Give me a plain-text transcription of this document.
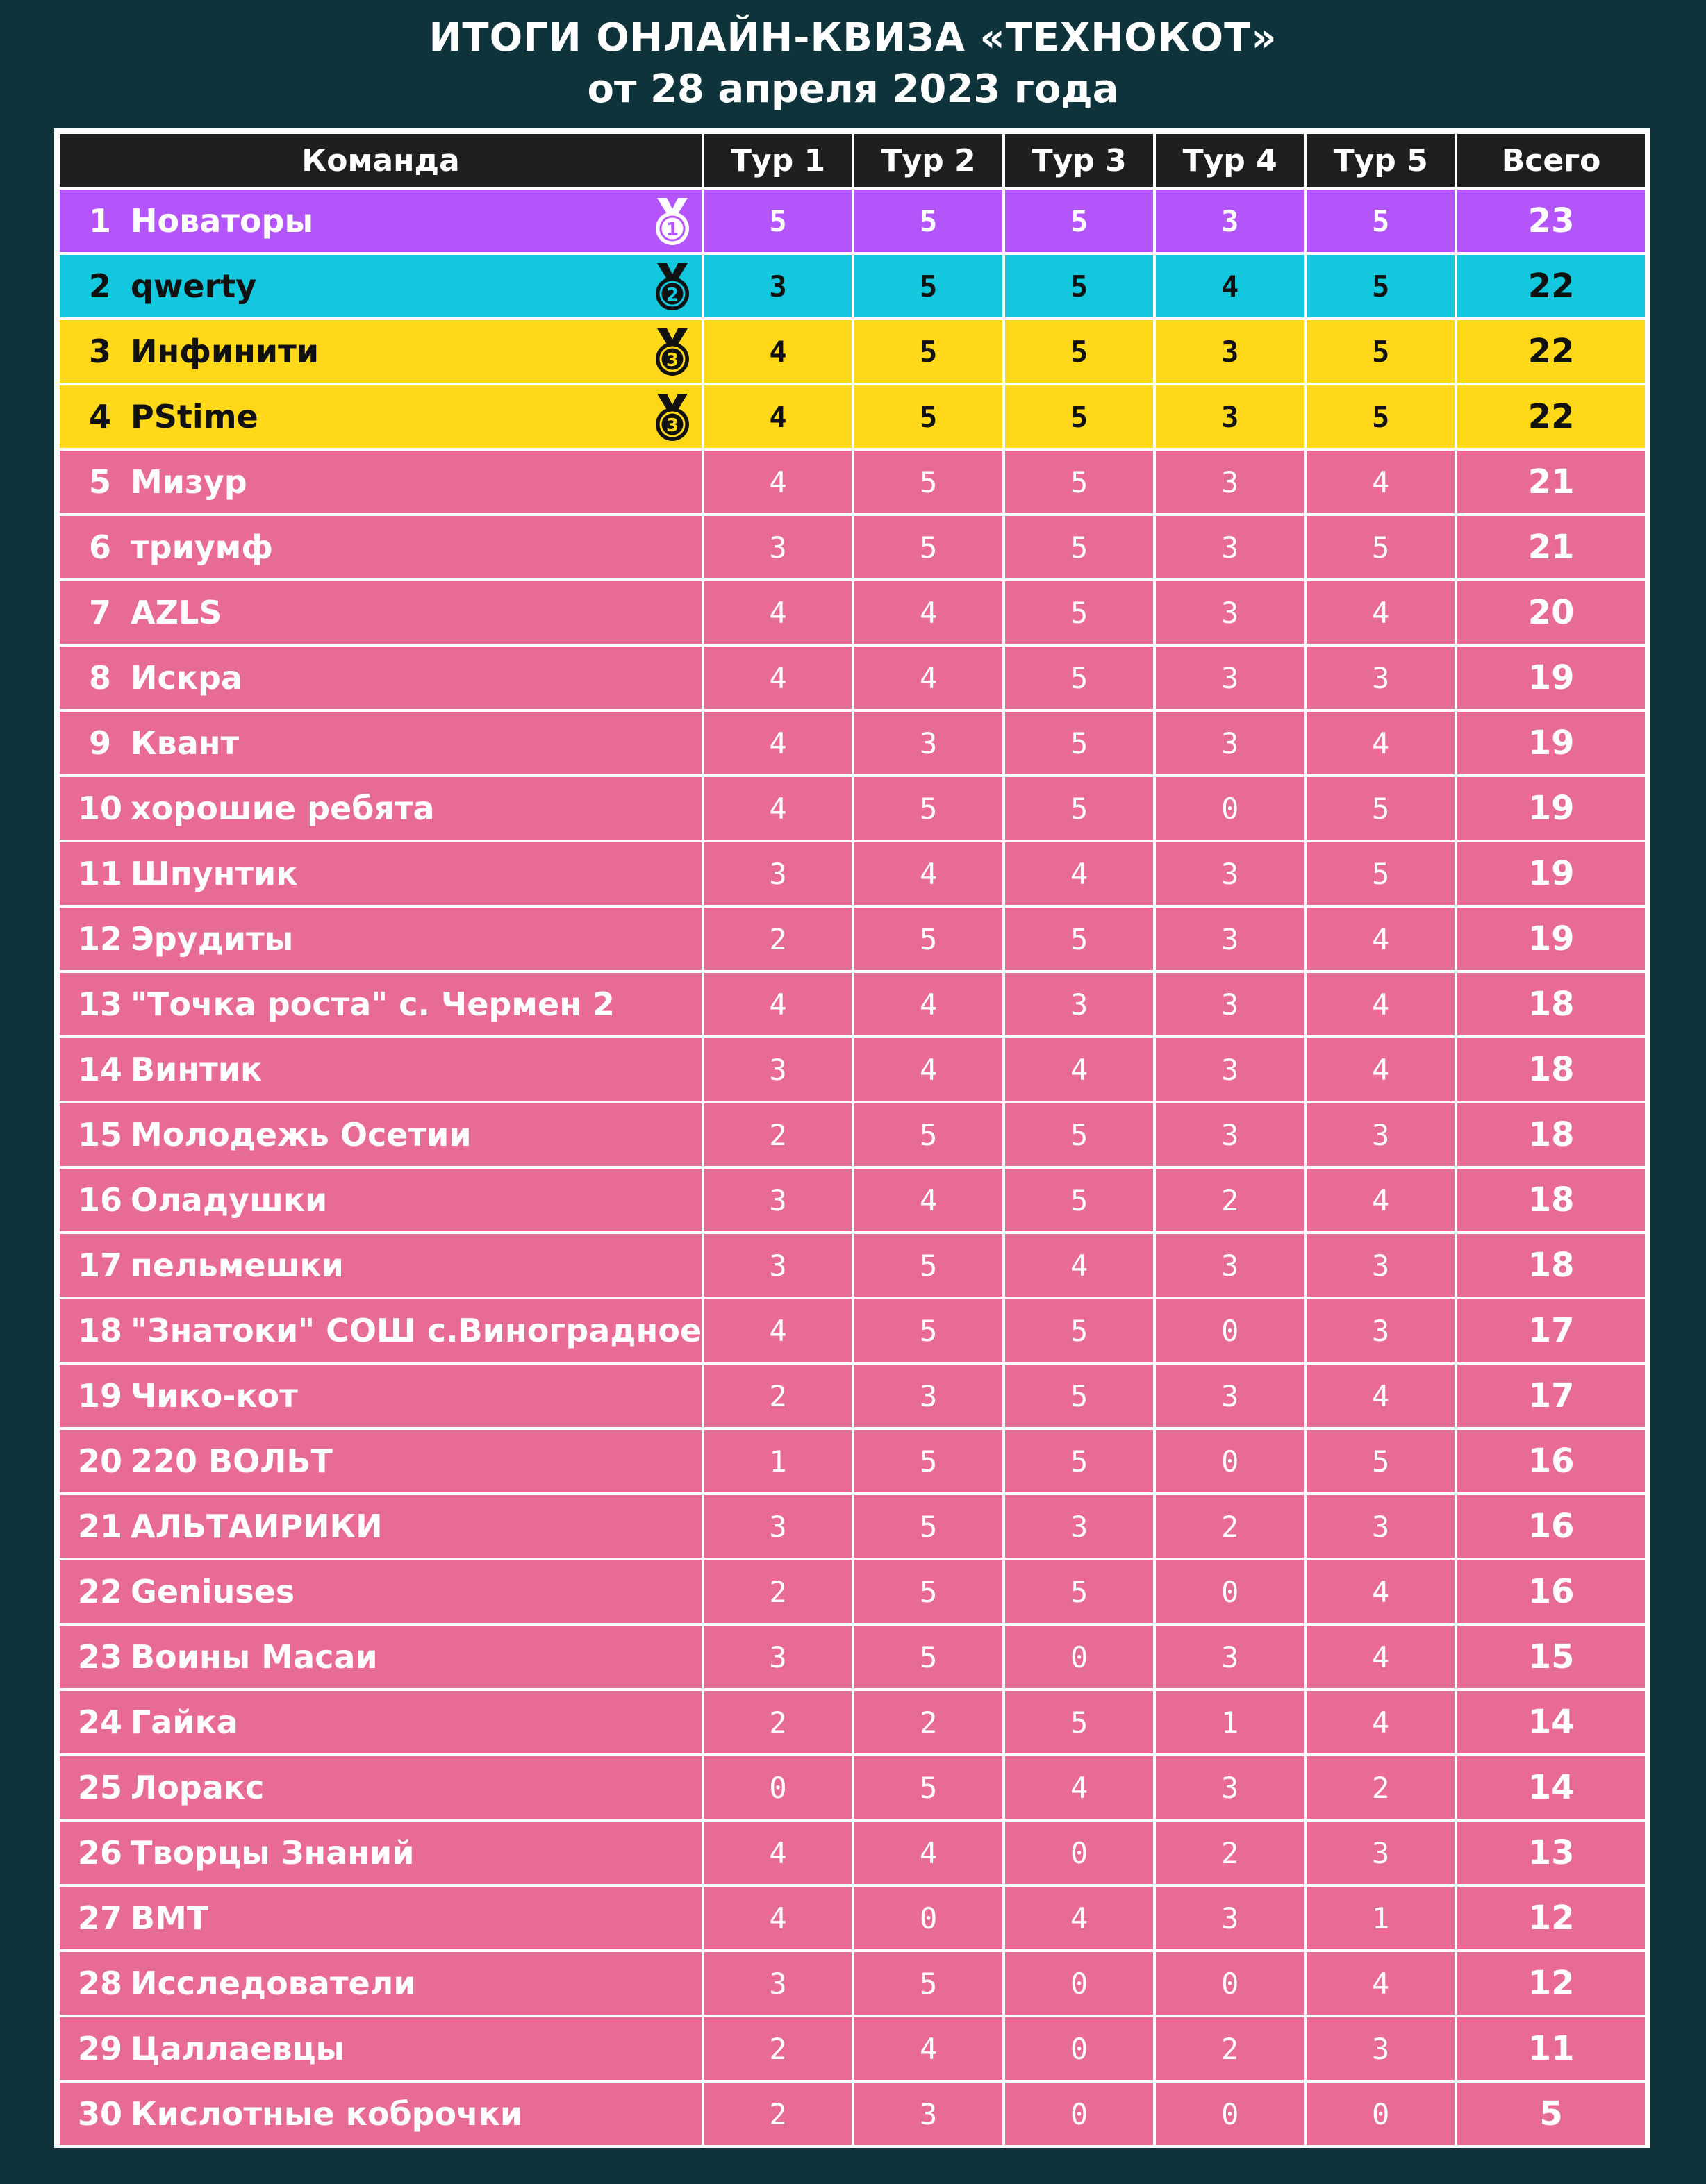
ИТОГИ ОНЛАЙН-КВИЗА «ТЕХНОКОТ»
от 28 апреля 2023 года
Команда	Тур 1	Тур 2	Тур 3	Тур 4	Тур 5	Всего
1 Новаторы 1	5	5	5	3	5	23
2 qwerty 2	3	5	5	4	5	22
3 Инфинити 3	4	5	5	3	5	22
4 PStime 3	4	5	5	3	5	22
5 Мизур	4	5	5	3	4	21
6 триумф	3	5	5	3	5	21
7 AZLS	4	4	5	3	4	20
8 Искра	4	4	5	3	3	19
9 Квант	4	3	5	3	4	19
10 хорошие ребята	4	5	5	0	5	19
11 Шпунтик	3	4	4	3	5	19
12 Эрудиты	2	5	5	3	4	19
13 "Точка роста" с. Чермен 2	4	4	3	3	4	18
14 Винтик	3	4	4	3	4	18
15 Молодежь Осетии	2	5	5	3	3	18
16 Оладушки	3	4	5	2	4	18
17 пельмешки	3	5	4	3	3	18
18 "Знатоки" СОШ с.Виноградное	4	5	5	0	3	17
19 Чико-кот	2	3	5	3	4	17
20 220 ВОЛЬТ	1	5	5	0	5	16
21 АЛЬТАИРИКИ	3	5	3	2	3	16
22 Geniuses	2	5	5	0	4	16
23 Воины Масаи	3	5	0	3	4	15
24 Гайка	2	2	5	1	4	14
25 Лоракс	0	5	4	3	2	14
26 Творцы Знаний	4	4	0	2	3	13
27 ВМТ	4	0	4	3	1	12
28 Исследователи	3	5	0	0	4	12
29 Цаллаевцы	2	4	0	2	3	11
30 Кислотные коброчки	2	3	0	0	0	5
